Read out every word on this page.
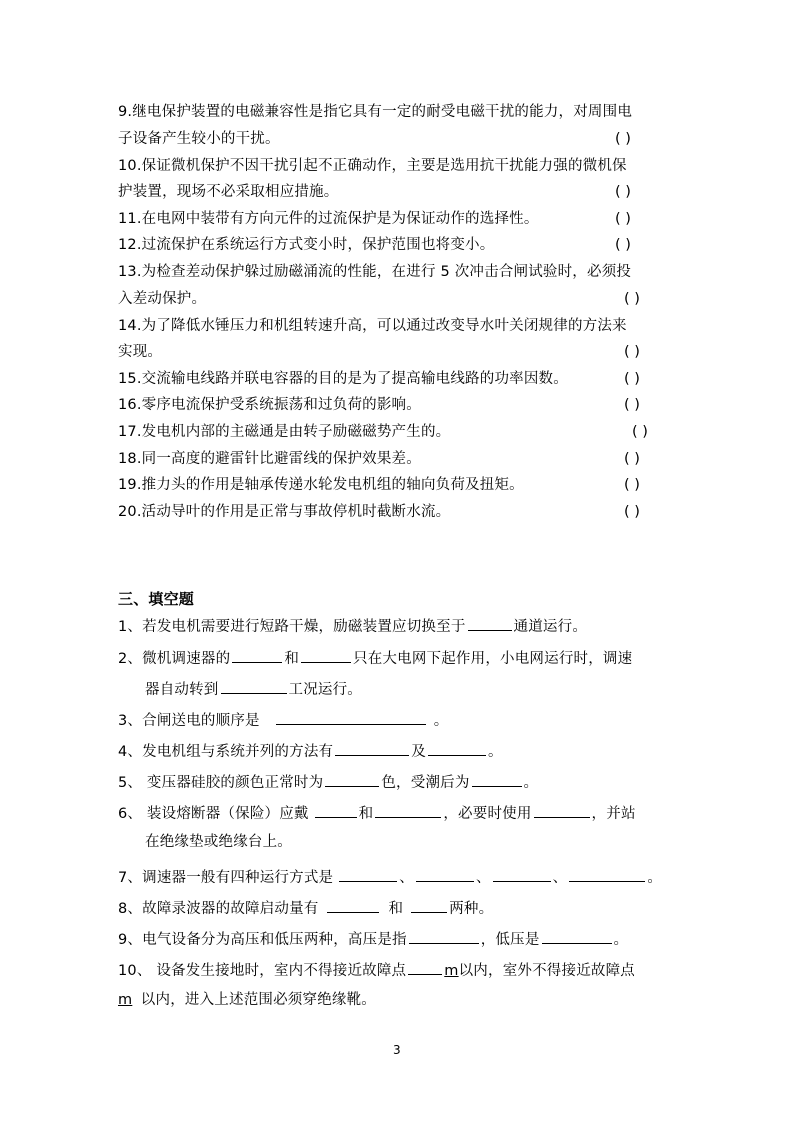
9.继电保护装置的电磁兼容性是指它具有一定的耐受电磁干扰的能力，对周围电
子设备产生较小的干扰。	( )
10.保证微机保护不因干扰引起不正确动作，主要是选用抗干扰能力强的微机保
护装置，现场不必采取相应措施。	( )
11.在电网中装带有方向元件的过流保护是为保证动作的选择性。	( )
12.过流保护在系统运行方式变小时，保护范围也将变小。	( )
13.为检查差动保护躲过励磁涌流的性能，在进行 5 次冲击合闸试验时，必须投
入差动保护。	( )
14.为了降低水锤压力和机组转速升高，可以通过改变导水叶关闭规律的方法来
实现。	( )
15.交流输电线路并联电容器的目的是为了提高输电线路的功率因数。	( )
16.零序电流保护受系统振荡和过负荷的影响。	( )
17.发电机内部的主磁通是由转子励磁磁势产生的。	( )
18.同一高度的避雷针比避雷线的保护效果差。	( )
19.推力头的作用是轴承传递水轮发电机组的轴向负荷及扭矩。	( )
20.活动导叶的作用是正常与事故停机时截断水流。	( )
三、填空题
1、若发电机需要进行短路干燥，励磁装置应切换至于	通道运行。
2、微机调速器的	和	只在大电网下起作用，小电网运行时，调速
器自动转到	工况运行。
3、合闸送电的顺序是	。
4、发电机组与系统并列的方法有	及	。
5、 变压器硅胶的颜色正常时为	色，受潮后为	。
6、 装设熔断器（保险）应戴	和	，必要时使用	，并站
在绝缘垫或绝缘台上。
7、调速器一般有四种运行方式是	、	、	、	。
8、故障录波器的故障启动量有	和	两种。
9、电气设备分为高压和低压两种，高压是指	，低压是	。
10、 设备发生接地时，室内不得接近故障点	m以内，室外不得接近故障点
m 以内，进入上述范围必须穿绝缘靴。
3
